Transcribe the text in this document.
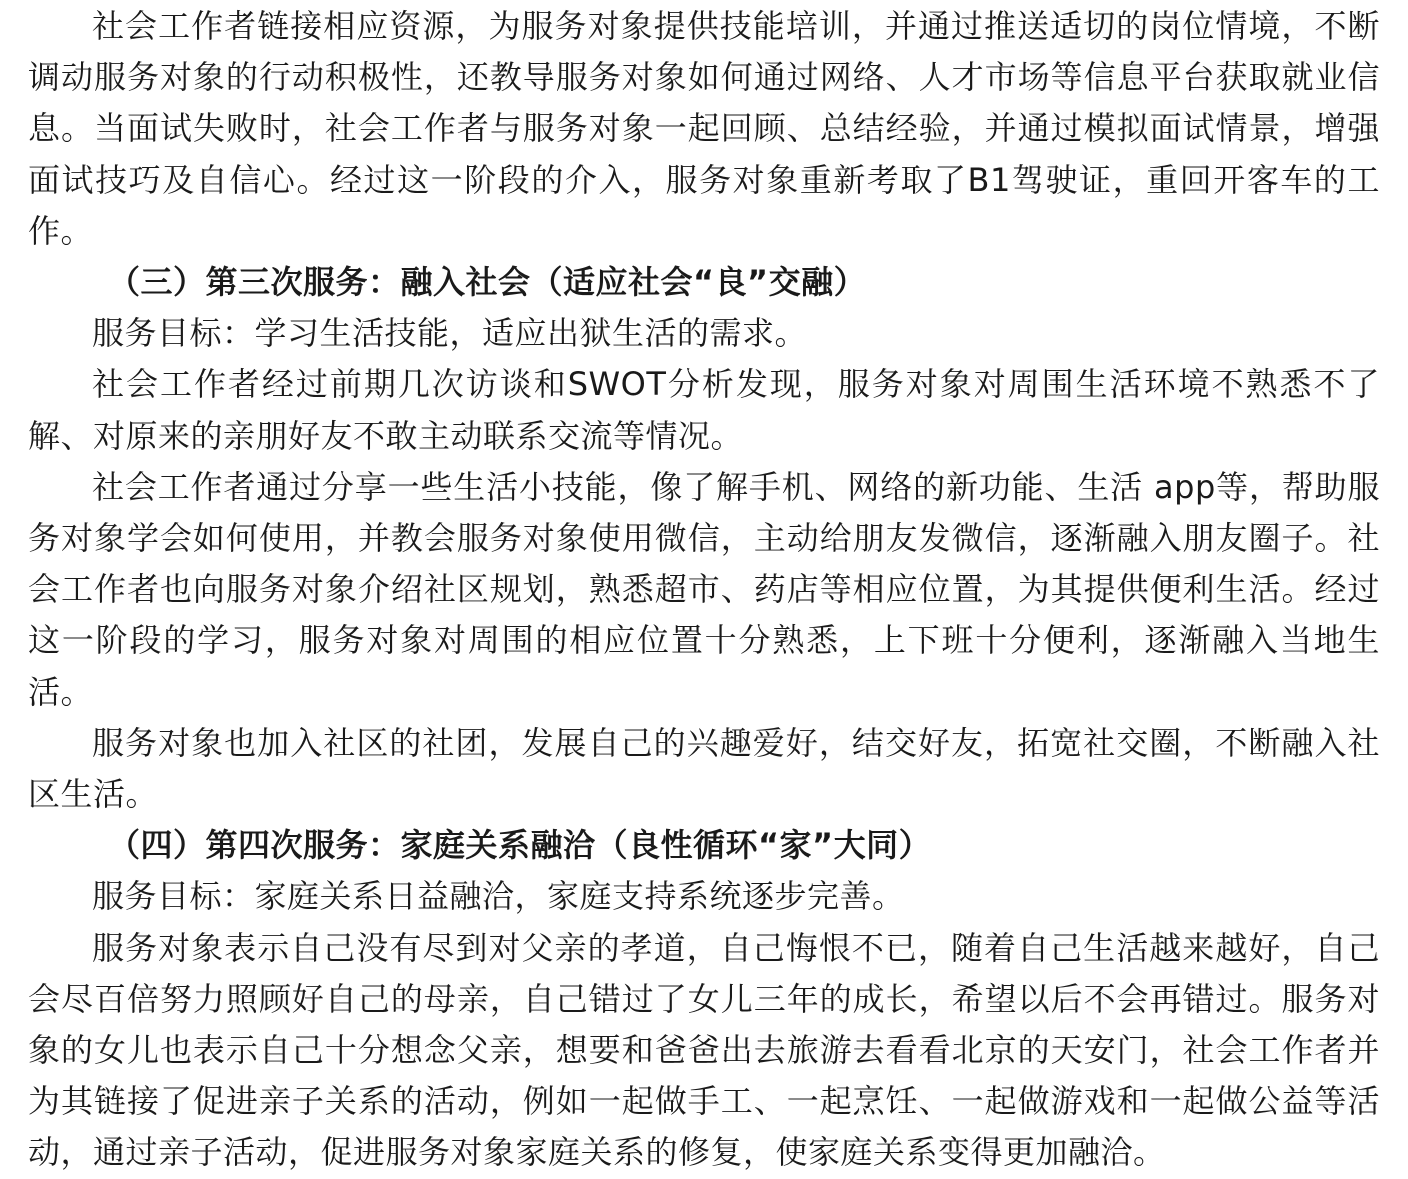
社会工作者链接相应资源，为服务对象提供技能培训，并通过推送适切的岗位情境，不断调动服务对象的行动积极性，还教导服务对象如何通过网络、人才市场等信息平台获取就业信息。当面试失败时，社会工作者与服务对象一起回顾、总结经验，并通过模拟面试情景，增强面试技巧及自信心。经过这一阶段的介入，服务对象重新考取了B1驾驶证，重回开客车的工作。

（三）第三次服务：融入社会（适应社会“良”交融）

服务目标：学习生活技能，适应出狱生活的需求。

社会工作者经过前期几次访谈和SWOT分析发现，服务对象对周围生活环境不熟悉不了解、对原来的亲朋好友不敢主动联系交流等情况。

社会工作者通过分享一些生活小技能，像了解手机、网络的新功能、生活 app等，帮助服务对象学会如何使用，并教会服务对象使用微信，主动给朋友发微信，逐渐融入朋友圈子。社会工作者也向服务对象介绍社区规划，熟悉超市、药店等相应位置，为其提供便利生活。经过这一阶段的学习，服务对象对周围的相应位置十分熟悉，上下班十分便利，逐渐融入当地生活。

服务对象也加入社区的社团，发展自己的兴趣爱好，结交好友，拓宽社交圈，不断融入社区生活。

（四）第四次服务：家庭关系融洽（良性循环“家”大同）

服务目标：家庭关系日益融洽，家庭支持系统逐步完善。

服务对象表示自己没有尽到对父亲的孝道，自己悔恨不已，随着自己生活越来越好，自己会尽百倍努力照顾好自己的母亲，自己错过了女儿三年的成长，希望以后不会再错过。服务对象的女儿也表示自己十分想念父亲，想要和爸爸出去旅游去看看北京的天安门，社会工作者并为其链接了促进亲子关系的活动，例如一起做手工、一起烹饪、一起做游戏和一起做公益等活动，通过亲子活动，促进服务对象家庭关系的修复，使家庭关系变得更加融洽。
